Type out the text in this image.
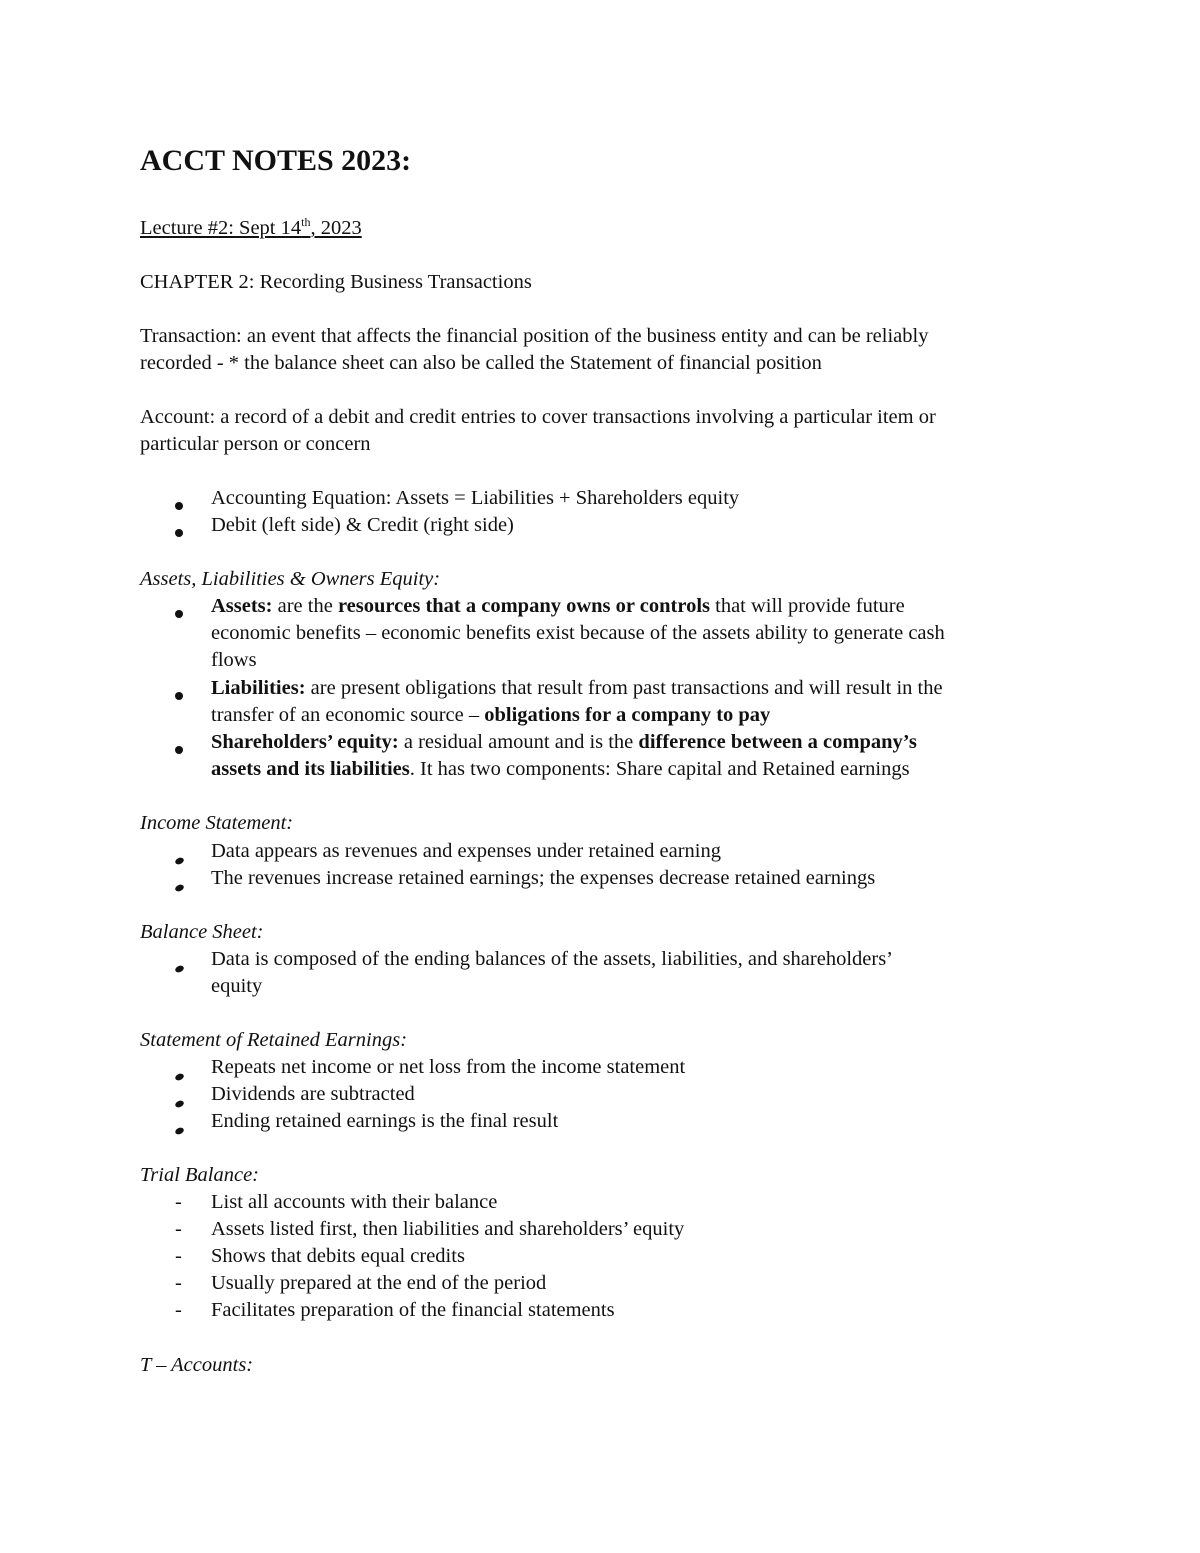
ACCT NOTES 2023:
Lecture #2: Sept 14th, 2023
CHAPTER 2: Recording Business Transactions
Transaction: an event that affects the financial position of the business entity and can be reliably
recorded - * the balance sheet can also be called the Statement of financial position
Account: a record of a debit and credit entries to cover transactions involving a particular item or
particular person or concern
Accounting Equation: Assets = Liabilities + Shareholders equity
Debit (left side) & Credit (right side)
Assets, Liabilities & Owners Equity:
Assets: are the resources that a company owns or controls that will provide future
economic benefits – economic benefits exist because of the assets ability to generate cash
flows
Liabilities: are present obligations that result from past transactions and will result in the
transfer of an economic source – obligations for a company to pay
Shareholders’ equity: a residual amount and is the difference between a company’s
assets and its liabilities. It has two components: Share capital and Retained earnings
Income Statement:
Data appears as revenues and expenses under retained earning
The revenues increase retained earnings; the expenses decrease retained earnings
Balance Sheet:
Data is composed of the ending balances of the assets, liabilities, and shareholders’
equity
Statement of Retained Earnings:
Repeats net income or net loss from the income statement
Dividends are subtracted
Ending retained earnings is the final result
Trial Balance:
- List all accounts with their balance
- Assets listed first, then liabilities and shareholders’ equity
- Shows that debits equal credits
- Usually prepared at the end of the period
- Facilitates preparation of the financial statements
T – Accounts:
